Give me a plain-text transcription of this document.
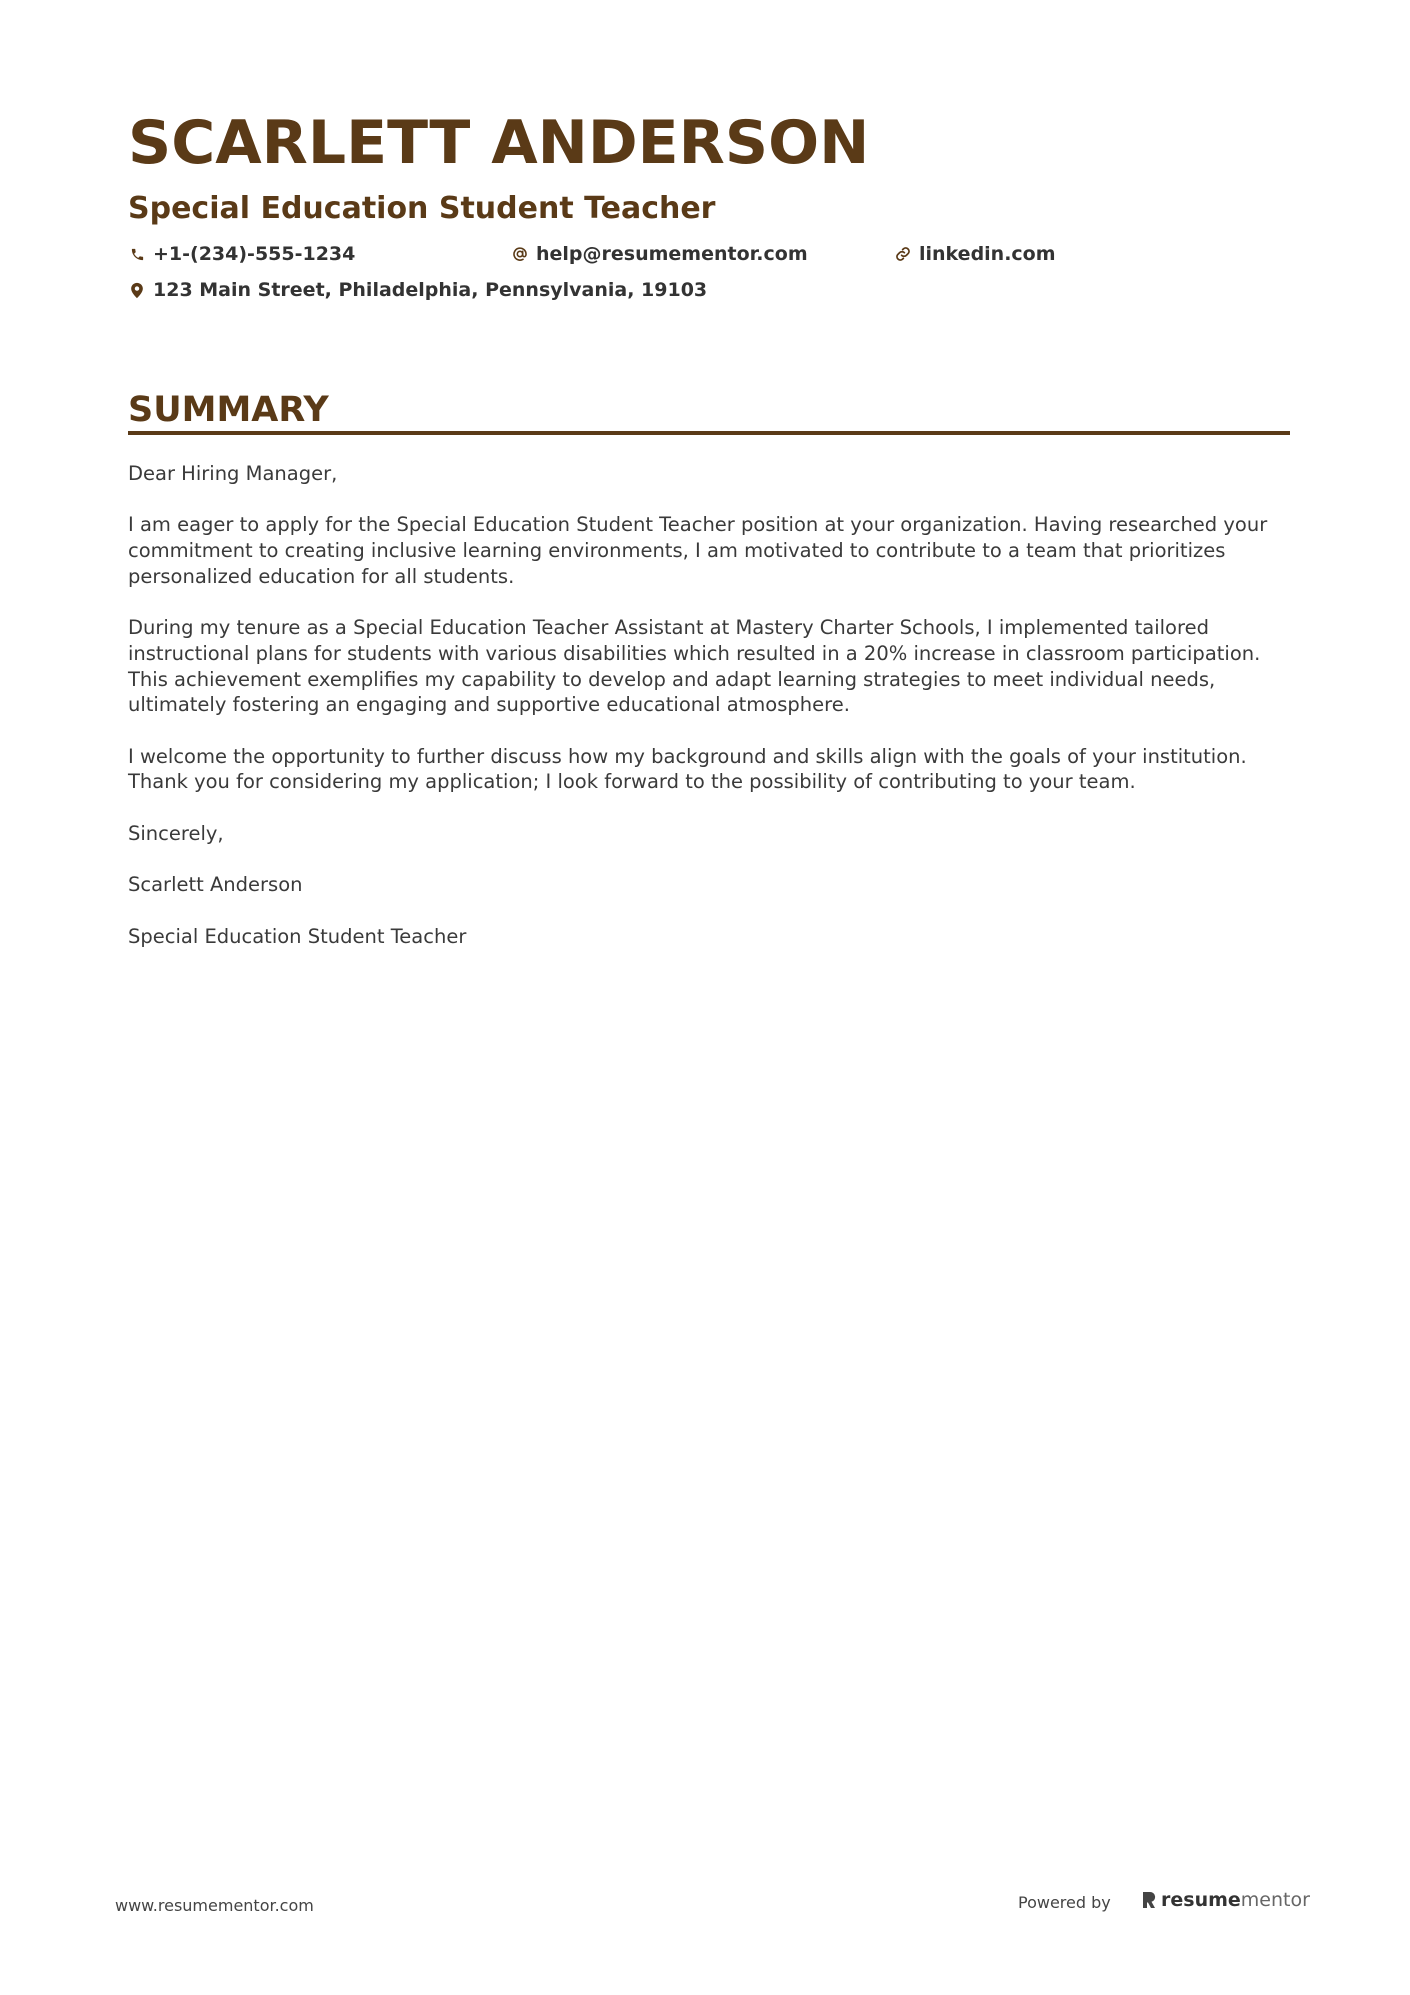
SCARLETT ANDERSON
Special Education Student Teacher
+1-(234)-555-1234	help@resumementor.com	linkedin.com
123 Main Street, Philadelphia, Pennsylvania, 19103
SUMMARY

Dear Hiring Manager,

I am eager to apply for the Special Education Student Teacher position at your organization. Having researched your commitment to creating inclusive learning environments, I am motivated to contribute to a team that prioritizes personalized education for all students.

During my tenure as a Special Education Teacher Assistant at Mastery Charter Schools, I implemented tailored instructional plans for students with various disabilities which resulted in a 20% increase in classroom participation. This achievement exemplifies my capability to develop and adapt learning strategies to meet individual needs, ultimately fostering an engaging and supportive educational atmosphere.

I welcome the opportunity to further discuss how my background and skills align with the goals of your institution. Thank you for considering my application; I look forward to the possibility of contributing to your team.

Sincerely,

Scarlett Anderson

Special Education Student Teacher

www.resumementor.com	Powered by	resume mentor
